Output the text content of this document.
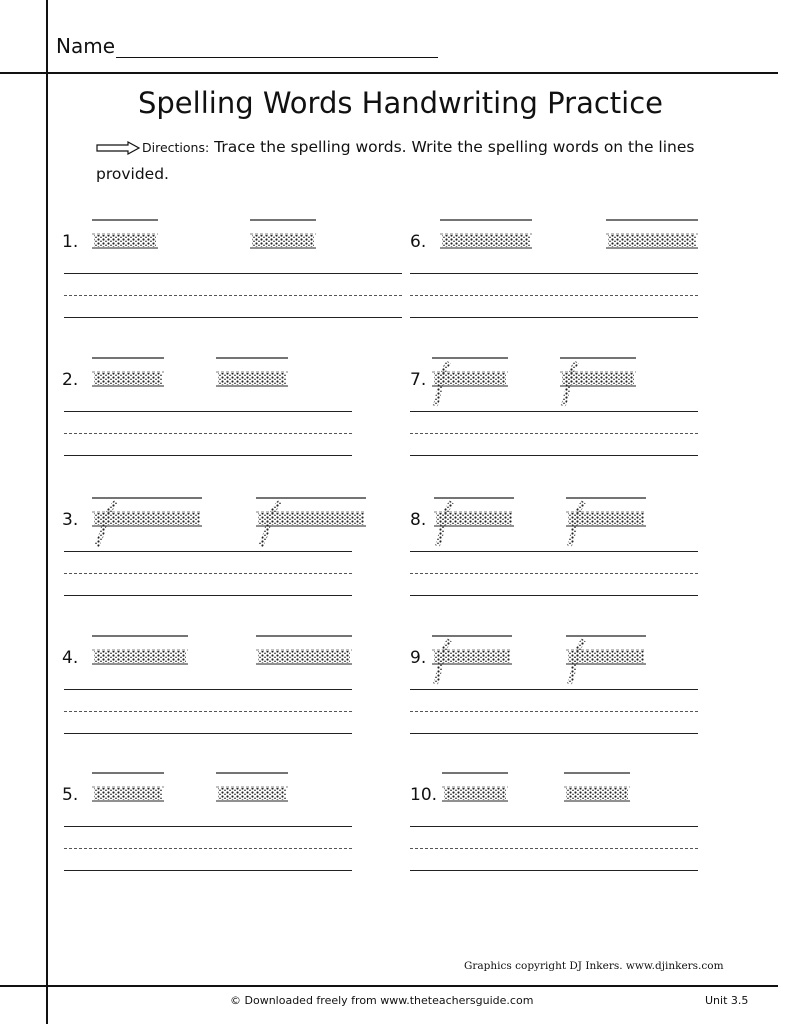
Name
Spelling Words Handwriting Practice
Directions: Trace the spelling words. Write the spelling words on the lines provided.
1.
2.
3.
4.
5.
6.
7.
8.
9.
10.
Graphics copyright DJ Inkers. www.djinkers.com
© Downloaded freely from www.theteachersguide.com	Unit 3.5
